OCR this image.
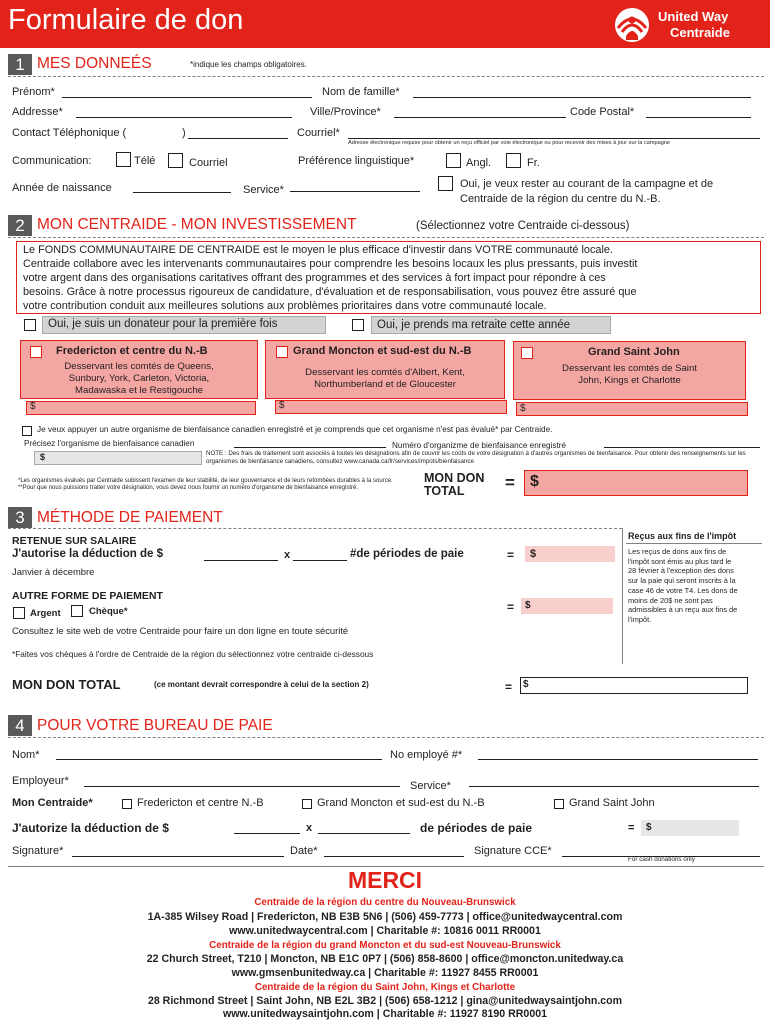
Formulaire de don	United Way
Centraide
1 MES DONNEÉS	*indique les champs obligatoires.
Prénom*	Nom de famille*
Addresse*	Ville/Province*	Code Postal*
Contact Téléphonique (	)	Courriel*
Adresse électronique requise pour obtenir un reçu officiel par voie électronique ou pour recevoir des mises à jour sur la campagne
Communication:	Télé	Courriel	Préférence linguistique*	Angl.	Fr.
Année de naissance	Service*	Oui, je veux rester au courant de la campagne et de
Centraide de la région du centre du N.-B.
2 MON CENTRAIDE - MON INVESTISSEMENT	(Sélectionnez votre Centraide ci-dessous)
Le FONDS COMMUNAUTAIRE DE CENTRAIDE est le moyen le plus efficace d'investir dans VOTRE communauté locale.
Centraide collabore avec les intervenants communautaires pour comprendre les besoins locaux les plus pressants, puis investit
votre argent dans des organisations caritatives offrant des programmes et des services à fort impact pour répondre à ces
besoins. Grâce à notre processus rigoureux de candidature, d'évaluation et de responsabilisation, vous pouvez être assuré que
votre contribution conduit aux meilleures solutions aux problèmes prioritaires dans votre communauté locale.
Oui, je suis un donateur pour la première fois	Oui, je prends ma retraite cette année
Fredericton et centre du N.-B
Desservant les comtés de Queens,
Sunbury, York, Carleton, Victoria,
Madawaska et le Restigouche
$
Grand Moncton et sud-est du N.-B
Desservant les comtés d'Albert, Kent,
Northumberland et de Gloucester
$
Grand Saint John
Desservant les comtés de Saint
John, Kings et Charlotte
$
Je veux appuyer un autre organisme de bienfaisance canadien enregistré et je comprends que cet organisme n'est pas évalué* par Centraide.
Précisez l'organisme de bienfaisance canadien	Numéro d'organizme de bienfaisance enregistré
$	NOTE : Des frais de traitement sont associés à toutes les désignations afin de couvrir les coûts de votre désignation à d'autres organismes de bienfaisance. Pour obtenir des renseignements sur les organismes de bienfaisance canadiens, consultez www.canada.ca/fr/services/impots/bienfaisance
*Les organismes évalués par Centraide subissent l'examen de leur stabilité, de leur gouvernance et de leurs retombées durables à la source. **Pour que nous puissions traiter votre désignation, vous devez nous fournir un numéro d'organisme de bienfaisance enregistré.
MON DON
TOTAL = $
3 MÉTHODE DE PAIEMENT
Reçus aux fins de l'impôt
Les reçus de dons aux fins de
l'impôt sont émis au plus tard le
28 février à l'exception des dons
sur la paie qui seront inscrits à la
case 46 de votre T4. Les dons de
moins de 20$ ne sont pas
admissibles à un reçu aux fins de
l'impôt.
RETENUE SUR SALAIRE
J'autorise la déduction de $	x	#de périodes de paie	= $
Janvier à décembre
AUTRE FORME DE PAIEMENT
Argent	Chèque*	= $
Consultez le site web de votre Centraide pour faire un don ligne en toute sécurité
*Faites vos chèques à l'ordre de Centraide de la région du sélectionnez votre centraide ci-dessous
MON DON TOTAL	(ce montant devrait correspondre à celui de la section 2)	= $
4 POUR VOTRE BUREAU DE PAIE
Nom*	No employé #*
Employeur*	Service*
Mon Centraide*	Fredericton et centre N.-B	Grand Moncton et sud-est du N.-B	Grand Saint John
J'autorize la déduction de $	x	de périodes de paie	= $
Signature*	Date*	Signature CCE*
For cash donations only
MERCI
Centraide de la région du centre du Nouveau-Brunswick
1A-385 Wilsey Road | Fredericton, NB E3B 5N6 | (506) 459-7773 | office@unitedwaycentral.com
www.unitedwaycentral.com | Charitable #: 10816 0011 RR0001
Centraide de la région du grand Moncton et du sud-est Nouveau-Brunswick
22 Church Street, T210 | Moncton, NB E1C 0P7 | (506) 858-8600 | office@moncton.unitedway.ca
www.gmsenbunitedway.ca | Charitable #: 11927 8455 RR0001
Centraide de la région du Saint John, Kings et Charlotte
28 Richmond Street | Saint John, NB E2L 3B2 | (506) 658-1212 | gina@unitedwaysaintjohn.com
www.unitedwaysaintjohn.com | Charitable #: 11927 8190 RR0001
